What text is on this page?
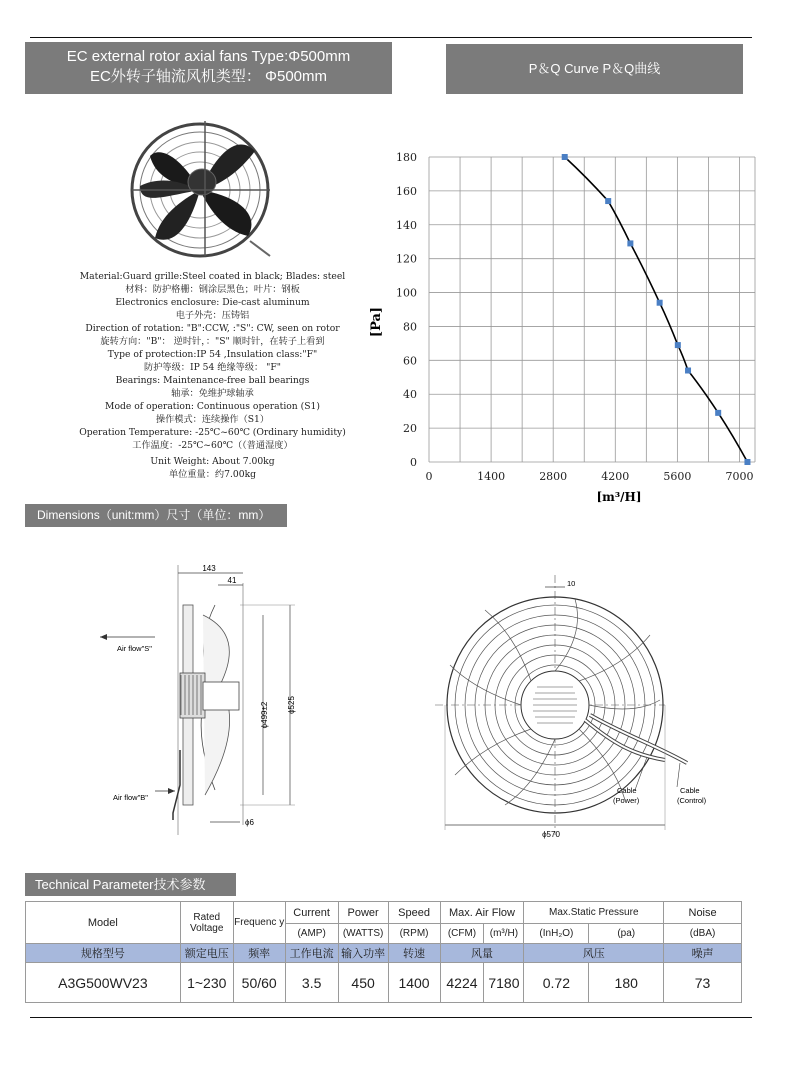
EC external rotor axial fans Type:Φ500mm
EC外转子轴流风机类型： Φ500mm	P＆Q Curve P＆Q曲线
Dimensions（unit:mm）尺寸（单位：mm）
Technical Parameter技术参数
Material:Guard grille:Steel coated in black; Blades: steel
材料：防护格栅：钢涂层黑色；叶片：钢板
Electronics enclosure: Die-cast aluminum
电子外壳：压铸铝
Direction of rotation: "B":CCW, :"S": CW, seen on rotor
旋转方向："B"： 逆时针，："S" 顺时针，在转子上看到
Type of protection:IP 54 ,Insulation class:"F"
防护等级：IP 54 绝缘等级： "F"
Bearings: Maintenance-free ball bearings
轴承：免维护球轴承
Mode of operation: Continuous operation (S1)
操作模式：连续操作（S1）
Operation Temperature: -25℃~60℃ (Ordinary humidity)
工作温度：-25℃~60℃（（普通湿度）
Unit Weight: About 7.00kg
单位重量：约7.00kg
0
20
40
60
80
100
120
140
160
180
0	1400	2800	4200	5600	7000
[Pa]
[m³/H]
143
41
ϕ499±2 ϕ525
Air flow"S"
Air flow"B"
ϕ6
10
Cable
(Power)
Cable
(Control)
ϕ570
Model	Rated Voltage	Frequenc y	Current	Power	Speed	Max. Air Flow		Max.Static Pressure		Noise
			(AMP)	(WATTS)	(RPM)	(CFM)	(m³/H)	(InH₂O)	(pa)	(dBA)
规格型号	额定电压	频率	工作电流	输入功率	转速	风量		风压		噪声
A3G500WV23	1~230	50/60	3.5	450	1400	4224	7180	0.72	180	73
